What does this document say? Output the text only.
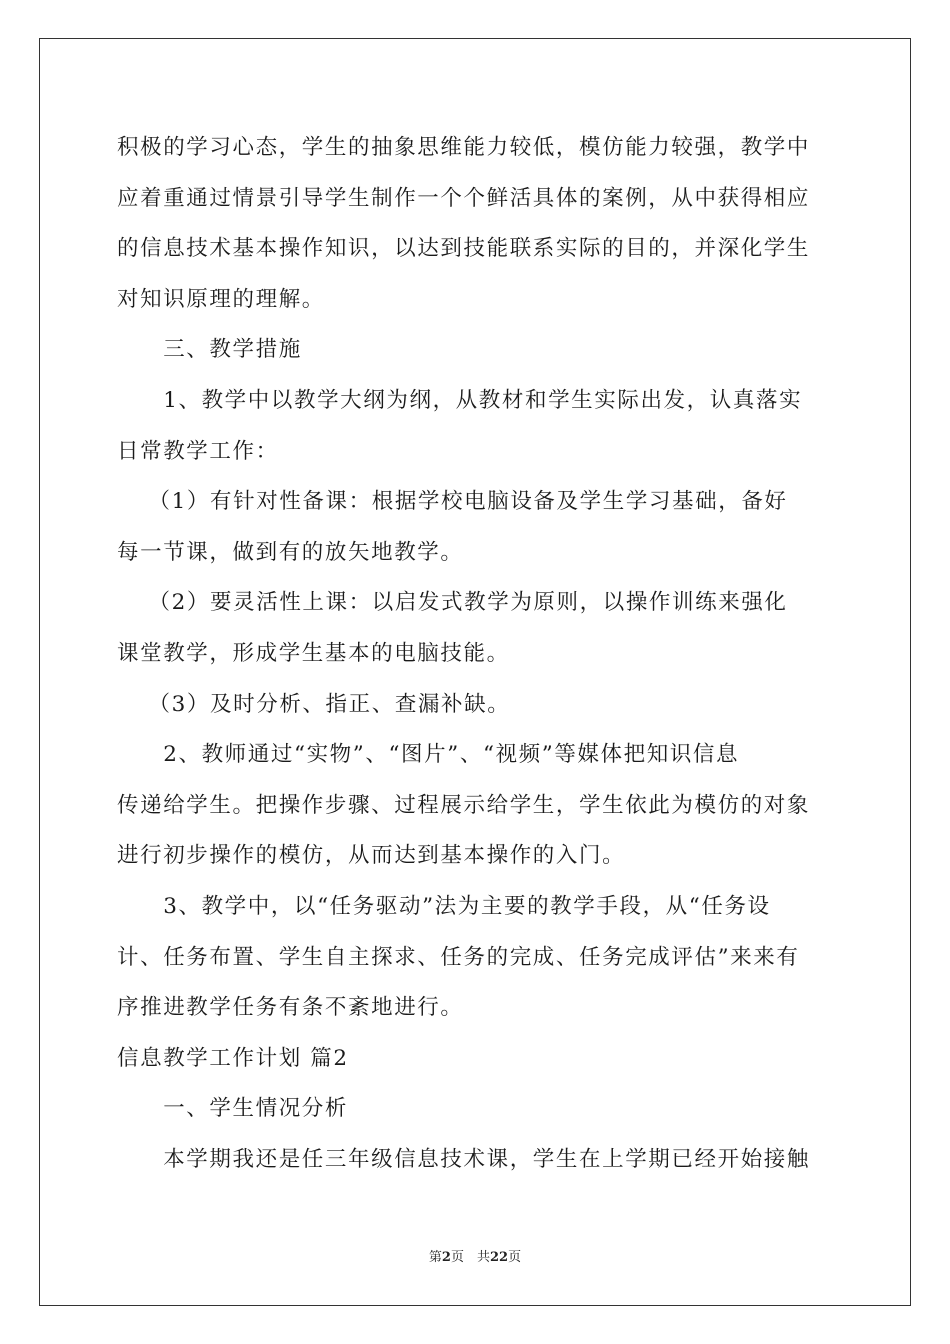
积极的学习心态，学生的抽象思维能力较低，模仿能力较强，教学中
应着重通过情景引导学生制作一个个鲜活具体的案例，从中获得相应
的信息技术基本操作知识，以达到技能联系实际的目的，并深化学生
对知识原理的理解。
　　三、教学措施
　　1、教学中以教学大纲为纲，从教材和学生实际出发，认真落实
日常教学工作：
　 （1）有针对性备课：根据学校电脑设备及学生学习基础，备好
每一节课，做到有的放矢地教学。
　 （2）要灵活性上课：以启发式教学为原则，以操作训练来强化
课堂教学，形成学生基本的电脑技能。
　 （3）及时分析、指正、查漏补缺。
　　2、教师通过“实物”、“图片”、“视频”等媒体把知识信息
传递给学生。把操作步骤、过程展示给学生，学生依此为模仿的对象
进行初步操作的模仿，从而达到基本操作的入门。
　　3、教学中，以“任务驱动”法为主要的教学手段，从“任务设
计、任务布置、学生自主探求、任务的完成、任务完成评估”来来有
序推进教学任务有条不紊地进行。
信息教学工作计划 篇2
　　一、学生情况分析
　　本学期我还是任三年级信息技术课，学生在上学期已经开始接触
第2页　共22页
